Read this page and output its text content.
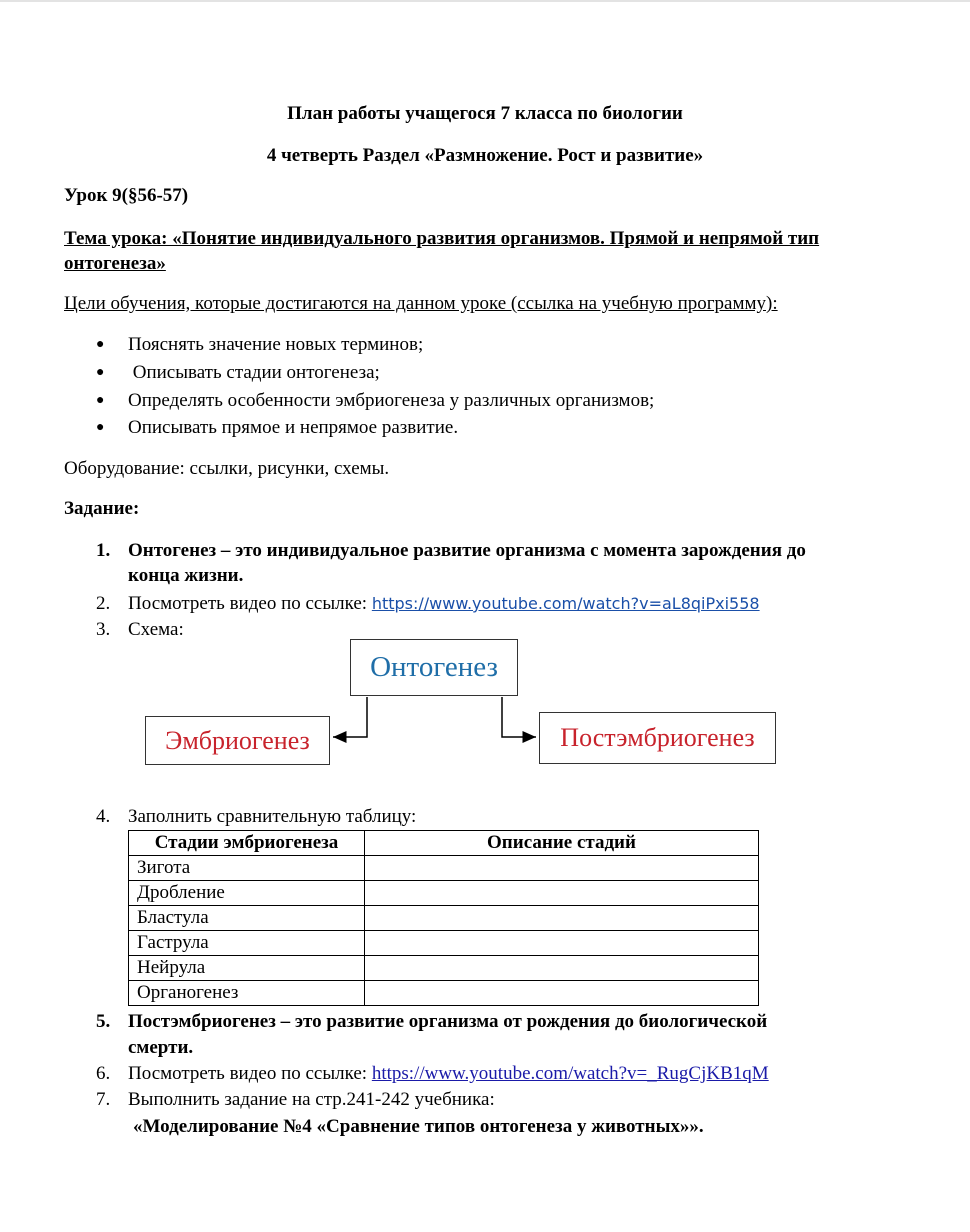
План работы учащегося 7 класса по биологии
4 четверть Раздел «Размножение. Рост и развитие»
Урок 9(§56-57)
Тема урока: «Понятие индивидуального развития организмов. Прямой и непрямой тип
онтогенеза»
Цели обучения, которые достигаются на данном уроке (ссылка на учебную программу):
● Пояснять значение новых терминов;
● Описывать стадии онтогенеза;
● Определять особенности эмбриогенеза у различных организмов;
● Описывать прямое и непрямое развитие.
Оборудование: ссылки, рисунки, схемы.
Задание:
1. Онтогенез – это индивидуальное развитие организма с момента зарождения до
конца жизни.
2. Посмотреть видео по ссылке: https://www.youtube.com/watch?v=aL8qiPxi558
3. Схема:
Онтогенез
Эмбриогенез	Постэмбриогенез
4. Заполнить сравнительную таблицу:
Стадии эмбриогенеза	Описание стадий
Зигота	
Дробление	
Бластула	
Гаструла	
Нейрула	
Органогенез	
5. Постэмбриогенез – это развитие организма от рождения до биологической
смерти.
6. Посмотреть видео по ссылке: https://www.youtube.com/watch?v=_RugCjKB1qM
7. Выполнить задание на стр.241-242 учебника:
«Моделирование №4 «Сравнение типов онтогенеза у животных»».
